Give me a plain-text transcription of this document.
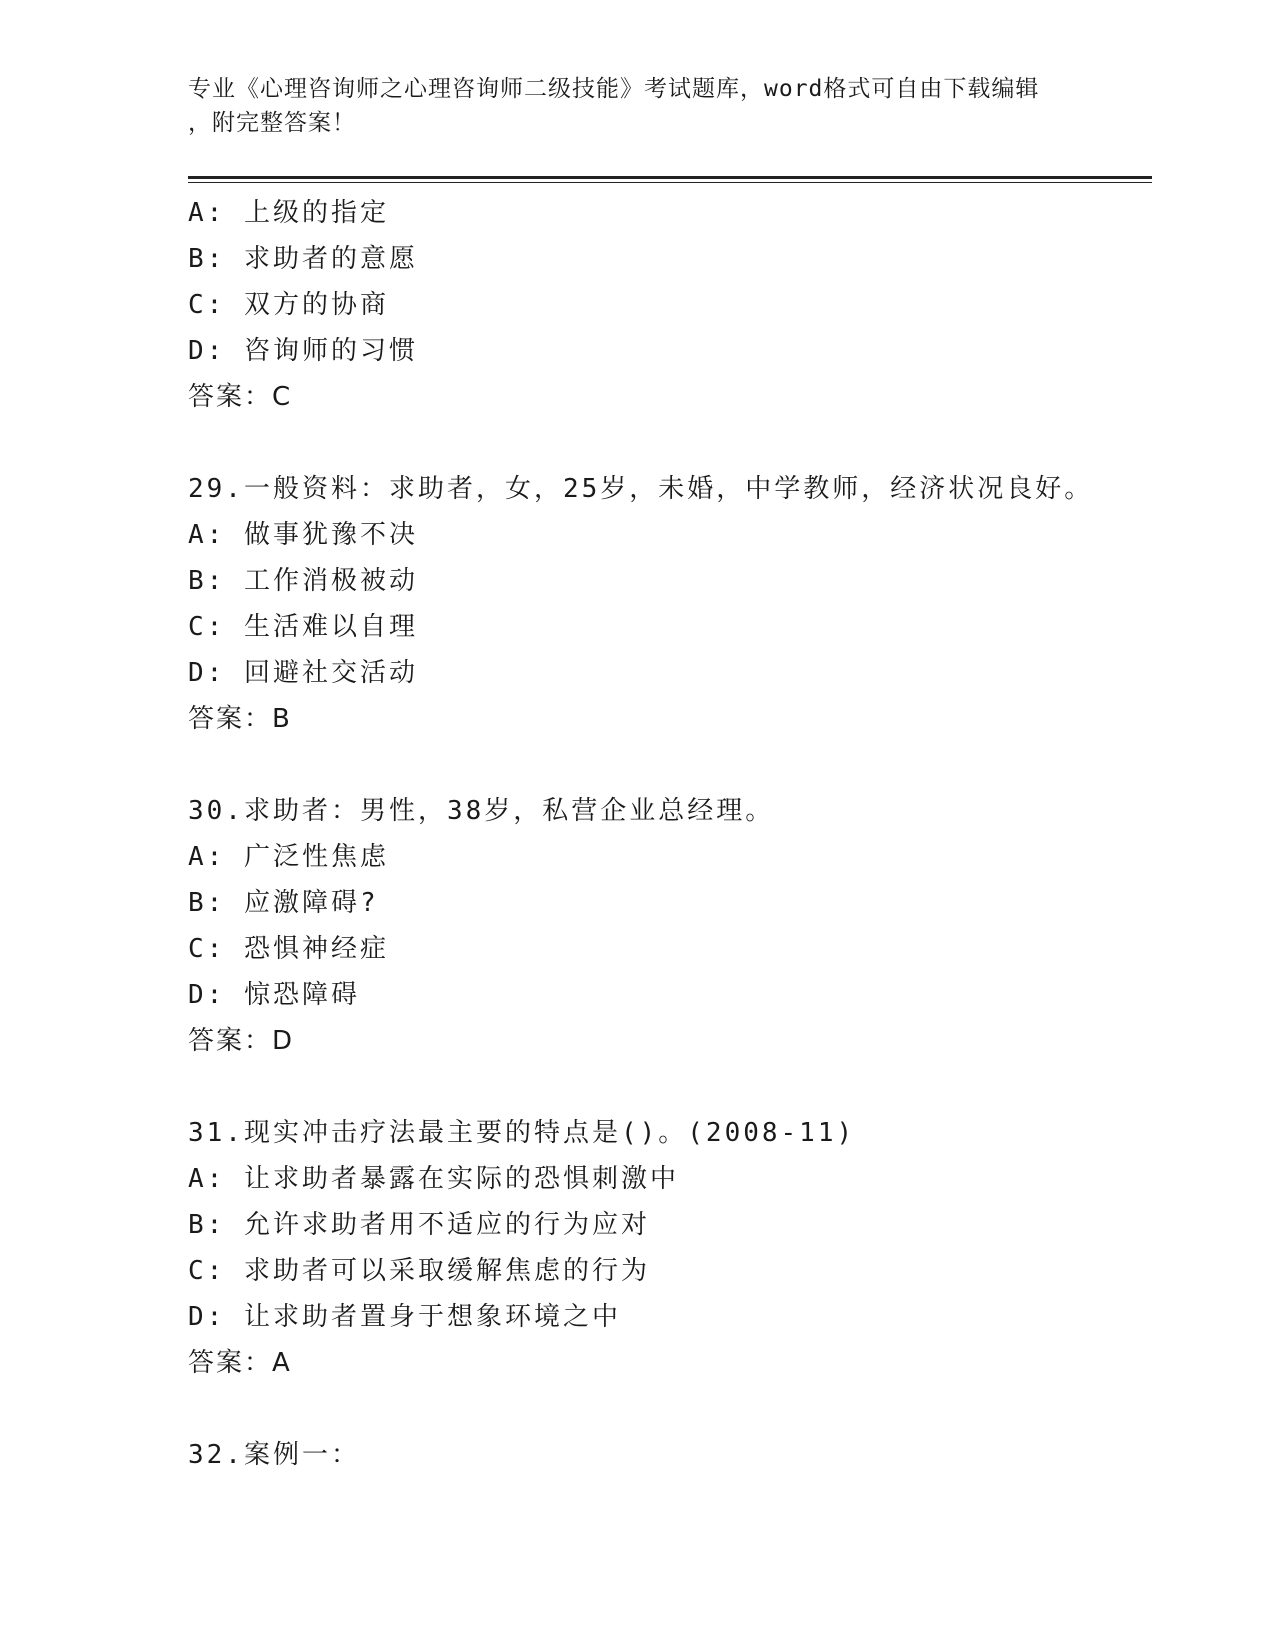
专业《心理咨询师之心理咨询师二级技能》考试题库，word格式可自由下载编辑
，附完整答案！
A: 上级的指定
B: 求助者的意愿
C: 双方的协商
D: 咨询师的习惯
答案：C
29.一般资料：求助者，女，25岁，未婚，中学教师，经济状况良好。
A: 做事犹豫不决
B: 工作消极被动
C: 生活难以自理
D: 回避社交活动
答案：B
30.求助者：男性，38岁，私营企业总经理。
A: 广泛性焦虑
B: 应激障碍?
C: 恐惧神经症
D: 惊恐障碍
答案：D
31.现实冲击疗法最主要的特点是()。(2008-11)
A: 让求助者暴露在实际的恐惧刺激中
B: 允许求助者用不适应的行为应对
C: 求助者可以采取缓解焦虑的行为
D: 让求助者置身于想象环境之中
答案：A
32.案例一：
